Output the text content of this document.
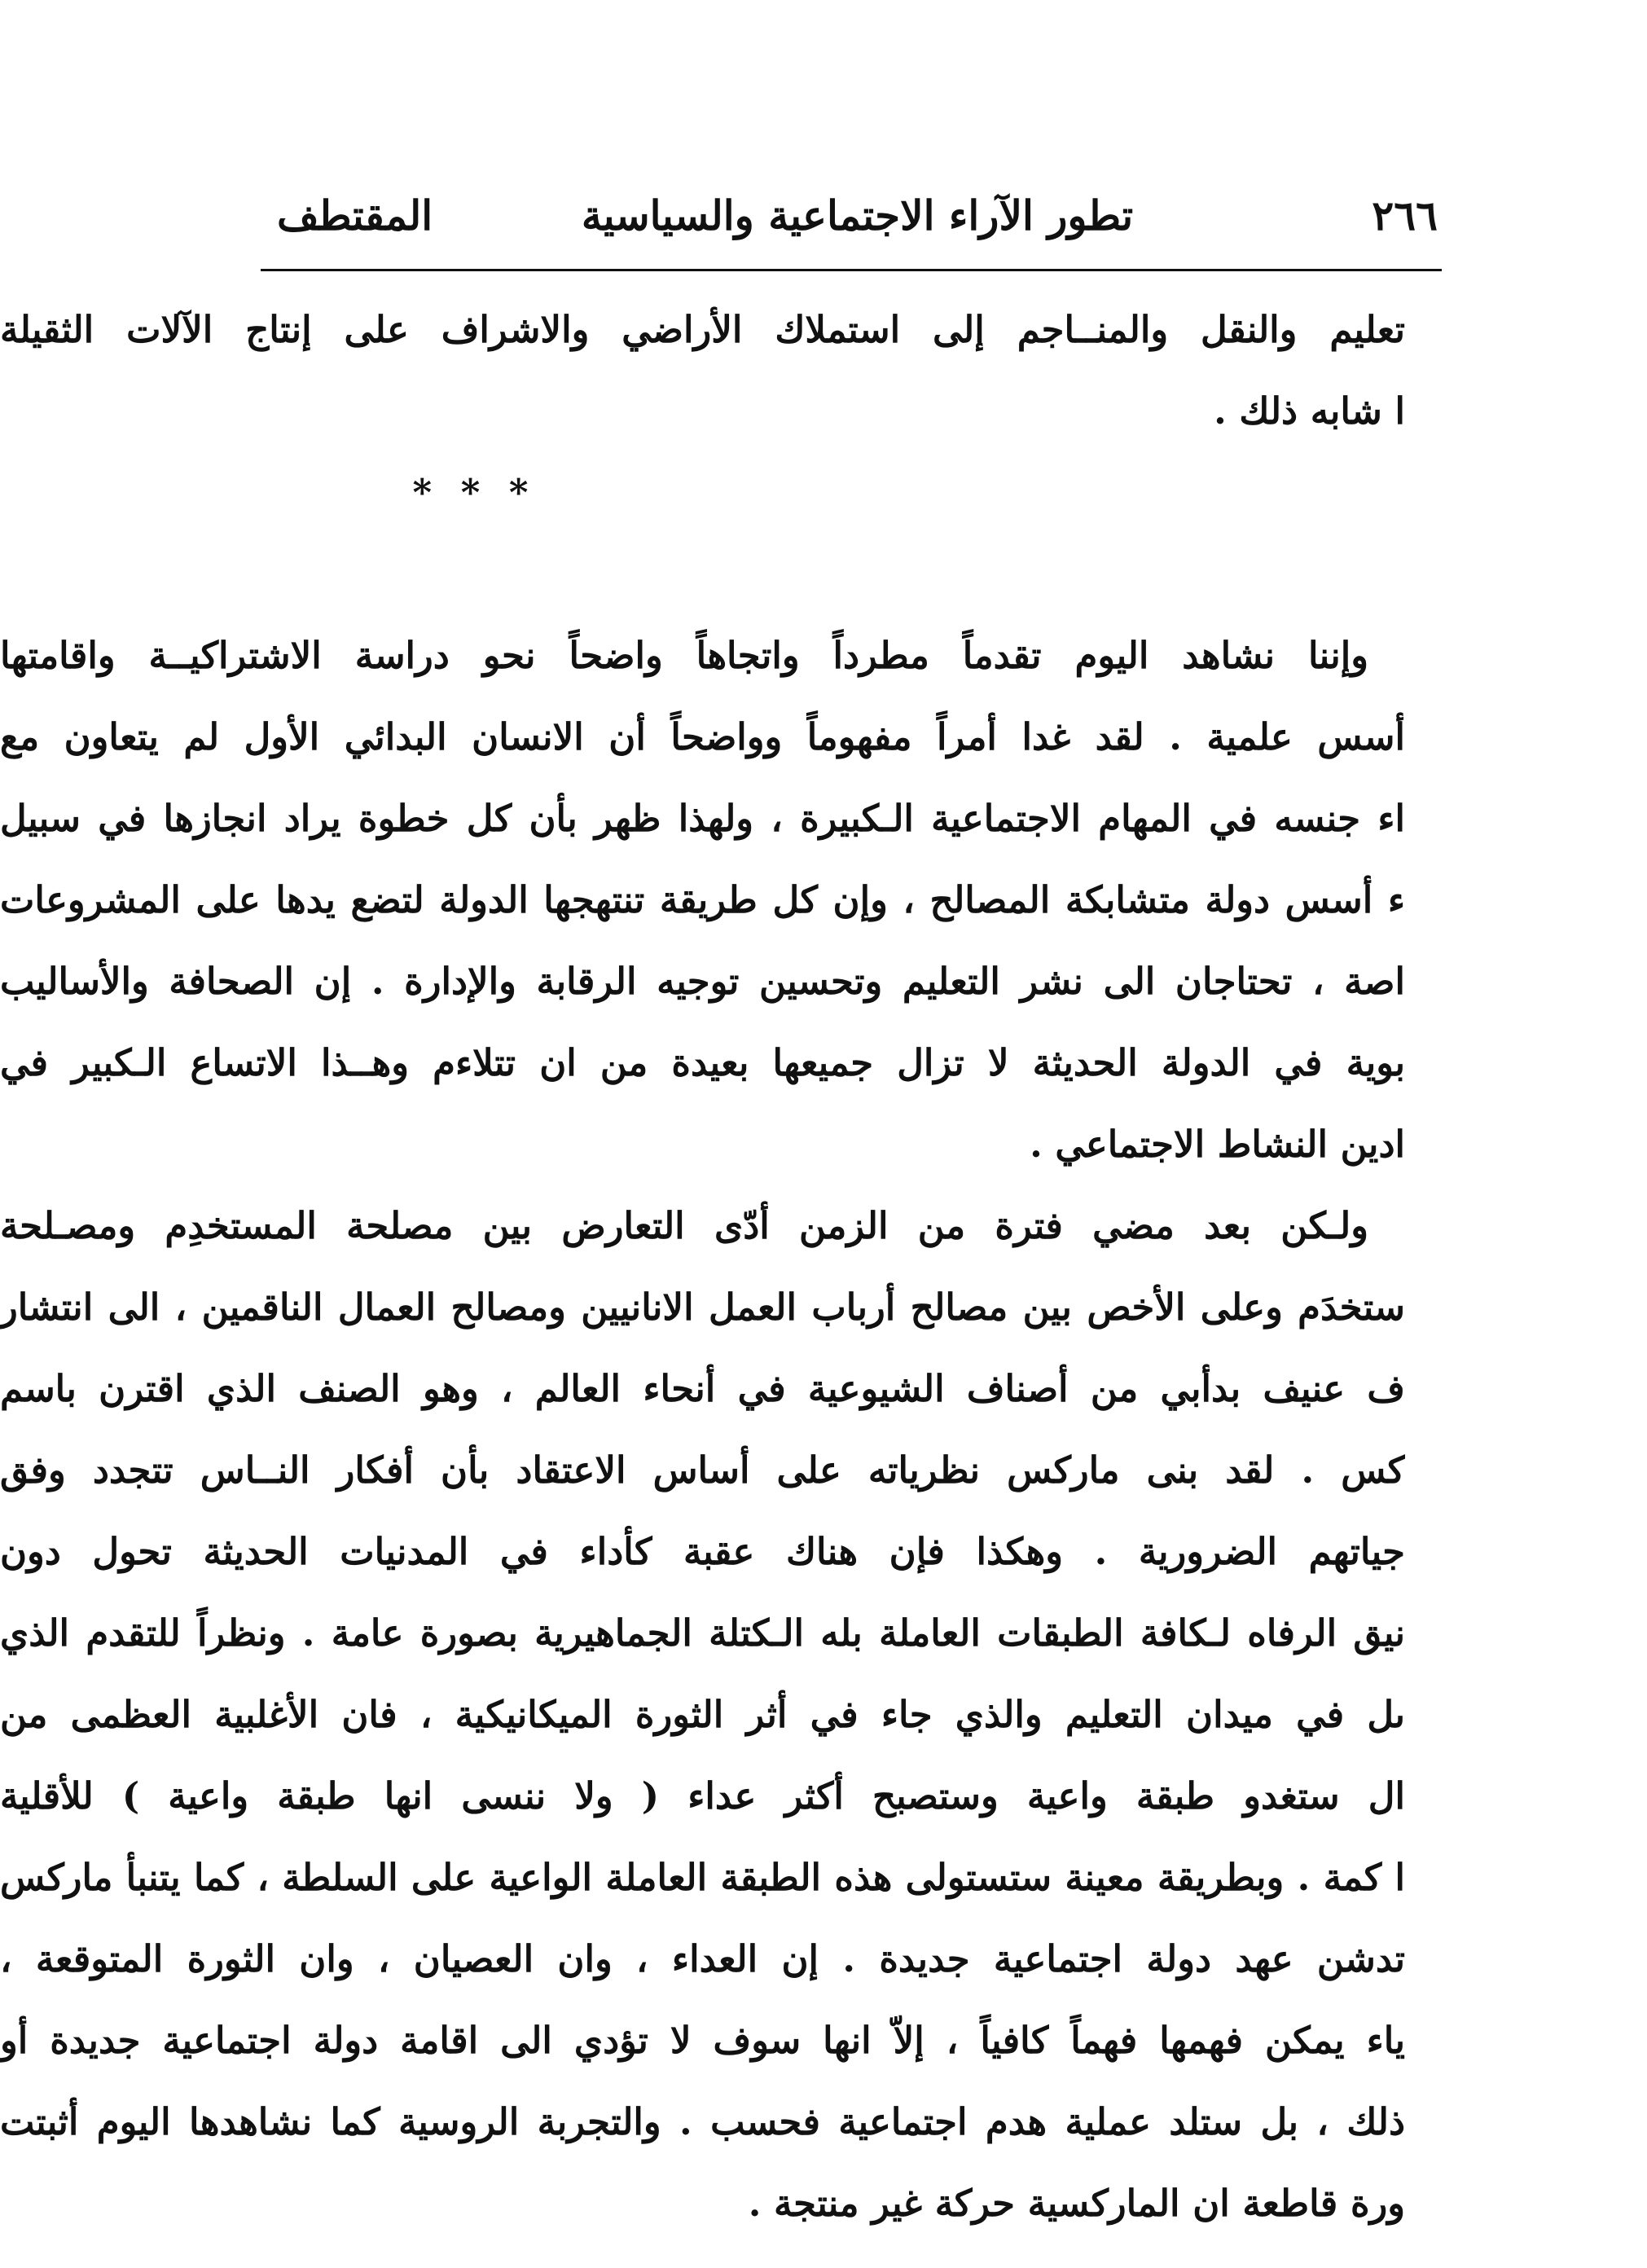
٢٦٦
تطور الآراء الاجتماعية والسياسية
المقتطف
تعليم والنقل والمنــاجم إلى استملاك الأراضي والاشراف على إنتاج الآلات الثقيلة
ا شابه ذلك .
* * *
وإننا نشاهد اليوم تقدماً مطرداً واتجاهاً واضحاً نحو دراسة الاشتراكيــة واقامتها
أسس علمية . لقد غدا أمراً مفهوماً وواضحاً أن الانسان البدائي الأول لم يتعاون مع
اء جنسه في المهام الاجتماعية الـكبيرة ، ولهذا ظهر بأن كل خطوة يراد انجازها في سبيل
ء أسس دولة متشابكة المصالح ، وإن كل طريقة تنتهجها الدولة لتضع يدها على المشروعات
اصة ، تحتاجان الى نشر التعليم وتحسين توجيه الرقابة والإدارة . إن الصحافة والأساليب
بوية في الدولة الحديثة لا تزال جميعها بعيدة من ان تتلاءم وهــذا الاتساع الـكبير في
ادين النشاط الاجتماعي .
ولـكن بعد مضي فترة من الزمن أدّى التعارض بين مصلحة المستخدِم ومصـلحة
ستخدَم وعلى الأخص بين مصالح أرباب العمل الانانيين ومصالح العمال الناقمين ، الى انتشار
ف عنيف بدأبي من أصناف الشيوعية في أنحاء العالم ، وهو الصنف الذي اقترن باسم
كس . لقد بنى ماركس نظرياته على أساس الاعتقاد بأن أفكار النــاس تتجدد وفق
جياتهم الضرورية . وهكذا فإن هناك عقبة كأداء في المدنيات الحديثة تحول دون
نيق الرفاه لـكافة الطبقات العاملة بله الـكتلة الجماهيرية بصورة عامة . ونظراً للتقدم الذي
ىل في ميدان التعليم والذي جاء في أثر الثورة الميكانيكية ، فان الأغلبية العظمى من
ال ستغدو طبقة واعية وستصبح أكثر عداء ( ولا ننسى انها طبقة واعية ) للأقلية
ا كمة . وبطريقة معينة ستستولى هذه الطبقة العاملة الواعية على السلطة ، كما يتنبأ ماركس
تدشن عهد دولة اجتماعية جديدة . إن العداء ، وان العصيان ، وان الثورة المتوقعة ،
ياء يمكن فهمها فهماً كافياً ، إلاّ انها سوف لا تؤدي الى اقامة دولة اجتماعية جديدة أو
ذلك ، بل ستلد عملية هدم اجتماعية فحسب . والتجربة الروسية كما نشاهدها اليوم أثبتت
ورة قاطعة ان الماركسية حركة غير منتجة .
